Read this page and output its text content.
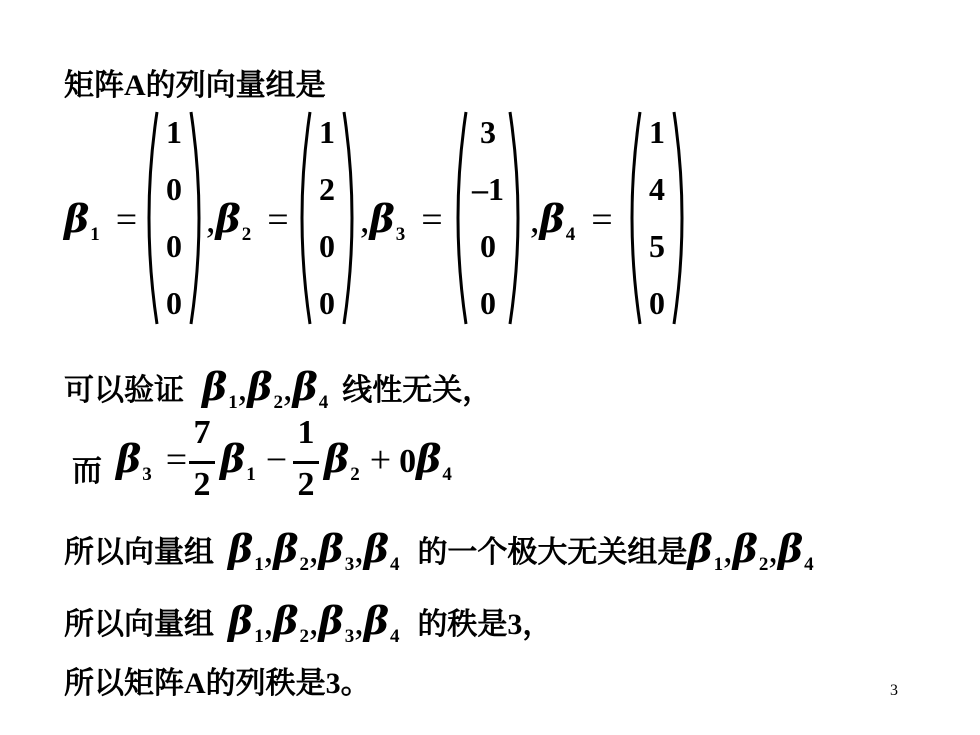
矩阵A的列向量组是
β1 =
1
0
0
0
,β2 =
1
2
0
0
,β3 =
3
–1
0
0
,β4 =
1
4
5
0
可以验证 β1,β2,β4 线性无关，
而 β3 =
7
2
β1 −
1
2
β2 + 0β4
所以向量组 β1,β2,β3,β4 的一个极大无关组是β1,β2,β4
所以向量组 β1,β2,β3,β4 的秩是3，
所以矩阵A的列秩是3。	3
